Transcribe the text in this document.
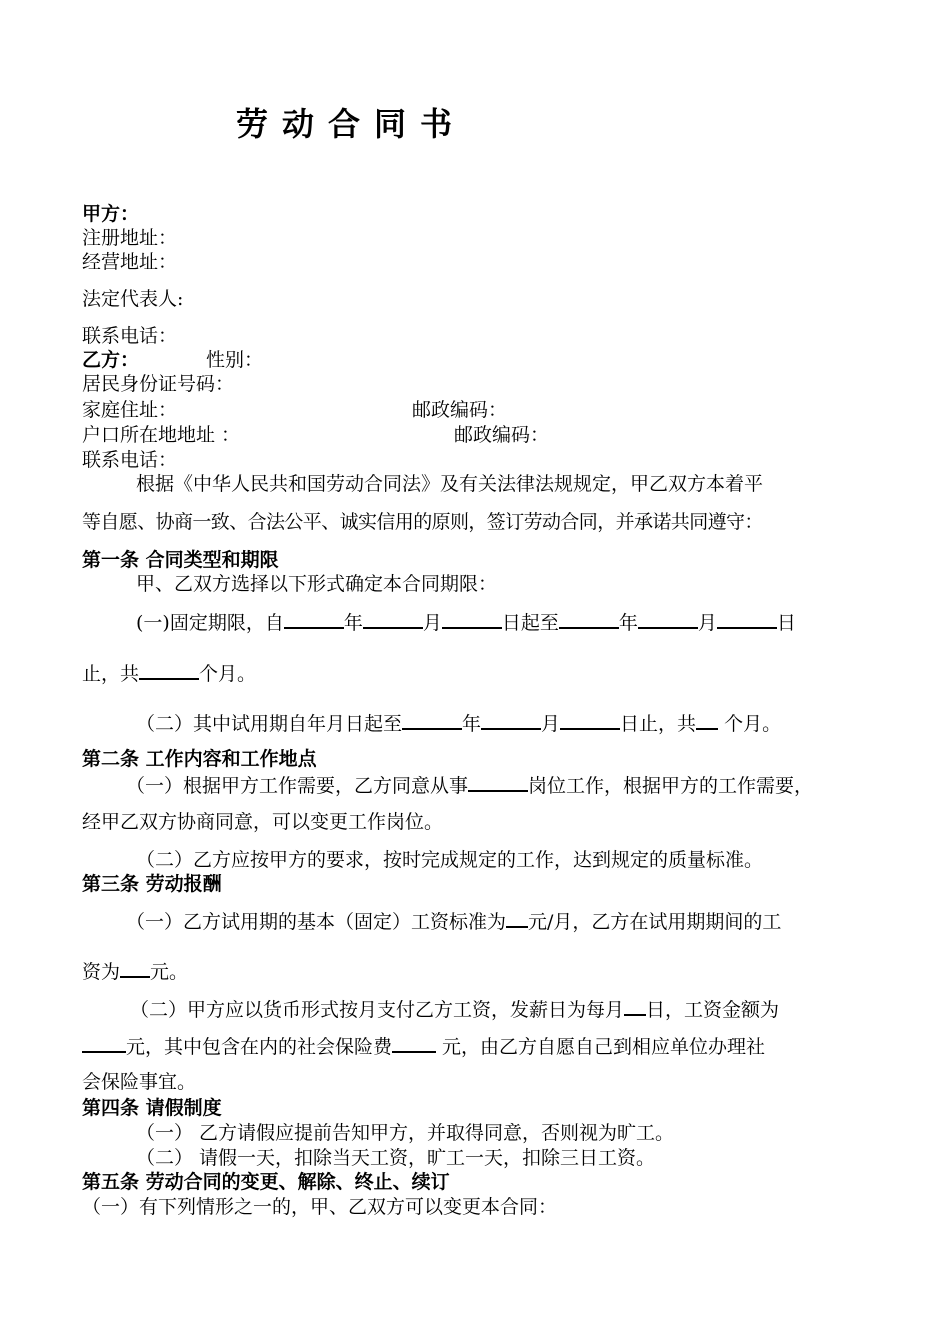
劳动合同书
甲方：
注册地址：
经营地址：
法定代表人:
联系电话：
乙方：	性别：
居民身份证号码：
家庭住址：	邮政编码：
户口所在地地址 ：	邮政编码：
联系电话：
根据《中华人民共和国劳动合同法》及有关法律法规规定，甲乙双方本着平
等自愿、协商一致、合法公平、诚实信用的原则，签订劳动合同，并承诺共同遵守：
第一条 合同类型和期限
甲、乙双方选择以下形式确定本合同期限：
(一)固定期限，自	年	月	日起至	年	月	日
止，共	个月。
（二）其中试用期自年月日起至	年	月	日止，共 个月。
第二条 工作内容和工作地点
（一）根据甲方工作需要，乙方同意从事	岗位工作，根据甲方的工作需要，
经甲乙双方协商同意，可以变更工作岗位。
（二）乙方应按甲方的要求，按时完成规定的工作，达到规定的质量标准。
第三条 劳动报酬
（一）乙方试用期的基本（固定）工资标准为 元/月，乙方在试用期期间的工
资为 元。
（二）甲方应以货币形式按月支付乙方工资，发薪日为每月 日，工资金额为
元，其中包含在内的社会保险费 元，由乙方自愿自己到相应单位办理社
会保险事宜。
第四条 请假制度
（一） 乙方请假应提前告知甲方，并取得同意，否则视为旷工。
（二） 请假一天，扣除当天工资，旷工一天，扣除三日工资。
第五条 劳动合同的变更、解除、终止、续订
（一）有下列情形之一的，甲、乙双方可以变更本合同：
